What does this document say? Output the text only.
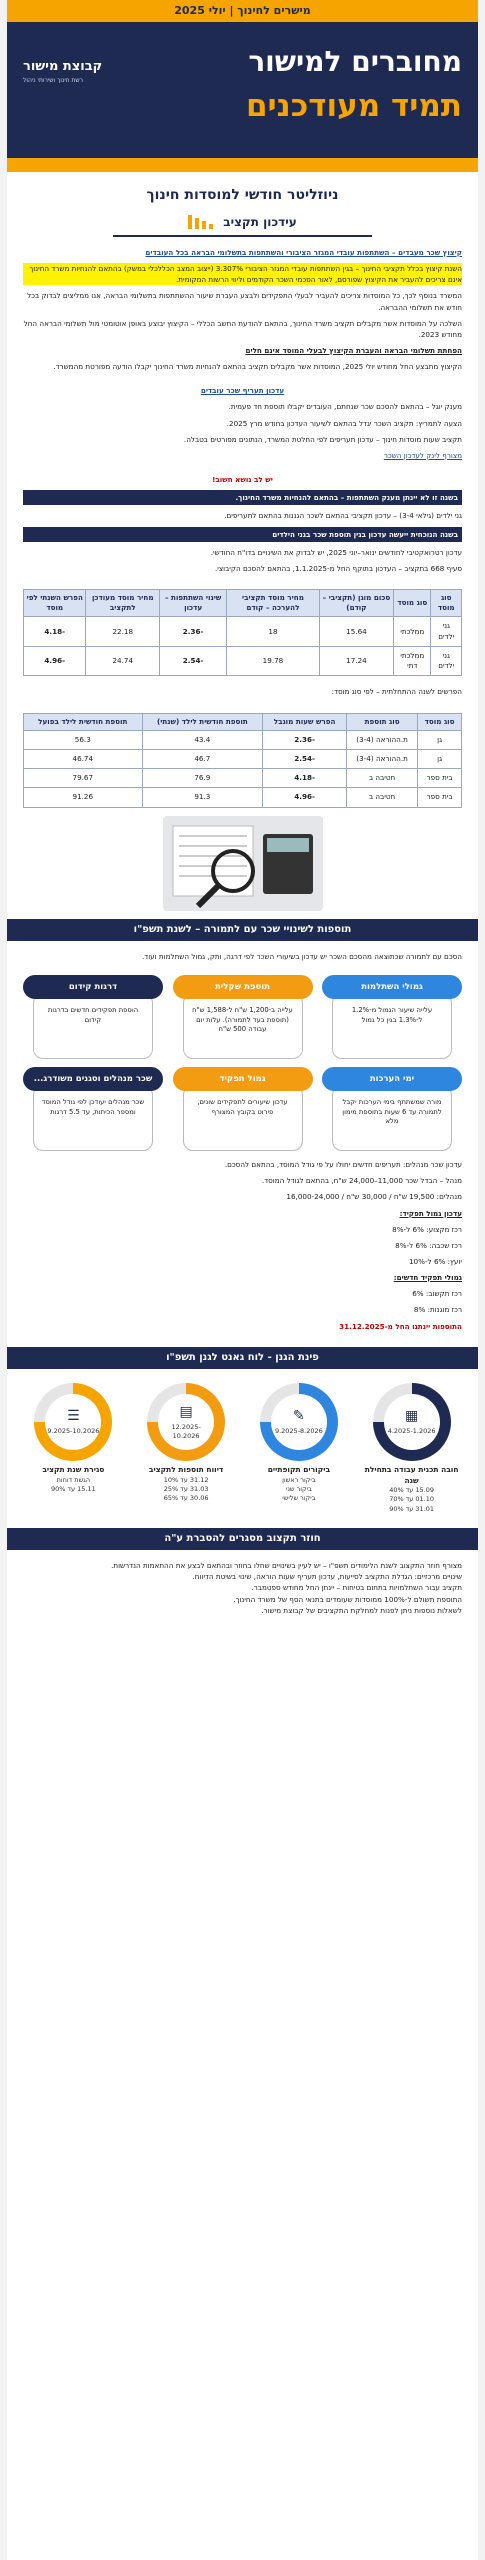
מישרים לחינוך | יולי 2025
קבוצת מישור
רשת חינוך ושירותי ניהול
מחוברים למישור
תמיד מעודכנים
ניוזליטר חודשי למוסדות חינוך
עידכון תקציב

קיצוץ שכר מעבדים – השתתפות עובדי המגזר הציבורי והשתתפות בתשלומי הבראה בכל העובדים

השנת קיצוץ בכלל תקציבי החינוך – בגין השתתפות עובדי המגזר הציבורי 3.307% (ייצוב המצב הכללכלי במשק) בהתאם להנחיות משרד החינוך אינם צריכים להעביר את הקיצוץ שפורסם, לאור הסכמי השכר הקודמים וליווי הרשות המקומית.

המשרד בנוסף לכך, כל המוסדות צריכים להעביר לבעלי התפקידים ולבצע העברת שיעור ההשתתפות בתשלומי הבראה, אנו ממליצים לבדוק בכל חודש את תשלומי ההבראה.

השלכה על המוסדות אשר מקבלים תקציב משרד החינוך, בהתאם להודעת החשב הכללי – הקיצוץ יבוצע באופן אוטומטי מול תשלומי הבראה החל מחודש 2023.

הפחתת תשלומי הבראה והעברת הקיצוץ לבעלי המוסד אינם חלים

הקיצוץ מתבצע החל מחודש יולי 2025, המוסדות אשר מקבלים תקציב בהתאם להנחיות משרד החינוך יקבלו הודעה מפורטת מהמשרד.

עדכון תעריף שכר עובדים

מענק יוגל – בהתאם להסכם שכר שנחתם, העובדים יקבלו תוספת חד פעמית.

הצעה לתמריץ: תקציב השכר יגדל בהתאם לשיעור העדכון בחודש מרץ 2025.

תקציב שעות מוסדות חינוך – עדכון תעריפים לפי החלטת המשרד, הנתונים מפורטים בטבלה.

מצורף לינק לעדכון השכר

יש לב נושא חשוב!

בשנה זו לא יינתן מענק השתתפות – בהתאם להנחיות משרד החינוך.

גני ילדים (גילאי 3-4) – עדכון תקציבי בהתאם לשכר הגננות בהתאם לתעריפים.

בשנה הנוכחית ייעשה עדכון בגין תוספת שכר בגני הילדים

עדכון רטרואקטיבי לחודשים ינואר–יוני 2025, יש לבדוק את השינויים בדו"ח החודשי.

סעיף 668 בתקציב – העדכון בתוקף החל מ-1.1.2025, בהתאם להסכם הקיבוצי.

סוג מוסד	סוג מוסד	סכום מוגן (תקציבי – קודם)	מחיר מוסד תקציבי להערכה – קודם	שינוי השתתפות – עדכון	מחיר מוסד מעודכן לתקציב	הפרש השנתי לפי מוסד
גני ילדים	ממלכתי	15.64	18	-2.36	22.18	-4.18
גני ילדים	ממלכתי דתי	17.24	19.78	-2.54	24.74	-4.96

הפרשים לשנה ההתחלתית – לפי סוג מוסד:

סוג מוסד	סוג תוספת	הפרש שעות מוגבל	תוספת חודשית לילד (שנתי)	תוספת חודשית לילד בפועל
גן	ת.ההוראה (3-4)	-2.36	43.4	56.3
גן	ת.ההוראה (3-4)	-2.54	46.7	46.74
בית ספר	חטיבה ב	-4.18	76.9	79.67
בית ספר	חטיבה ב	-4.96	91.3	91.26
תוספות לשינויי שכר עם לתמורה – לשנת תשפ"ו

הסכם עם לתמורה שכתוצאה מהסכם השכר יש עדכון בשיעורי השכר לפי דרגה, ותק, גמול השתלמות ועוד.

גמולי השתלמות
עלייה שיעור הגמול מ-1.2% ל-1.3% בגין כל גמול
תוספת שקלית
עלייה ב-1,200 ש"ח ל-1,588 ש"ח (תוספת בעד לתמורה). עלות יום עבודה 500 ש"ח
דרגות קידום
הוספת תפקידים חדשים בדרגות קידום
ימי הערכות
מורה שמשתתף בימי הערכות יקבל לתמורה עד 6 שעות בתוספת מימון מלא
גמול תפקיד
עדכון שיעורים לתפקידים שונים, פירוט בקובץ המצורף
שכר מנהלים וסגנים משודרג...
שכר מנהלים יעודכן לפי גודל המוסד ומספר הכיתות, עד 5.5 דרגות

עדכון שכר מנהלים: תעריפים חדשים יחולו על פי גודל המוסד, בהתאם להסכם.

מנהל – הבדל שכר 11,000–24,000 ש"ח, בהתאם לגודל המוסד.

מנהלים: 19,500 ש"ח / 30,000 ש"ח / 16,000-24,000

עדכון גמול תפקיד:

רכז מקצוע: 6% ל-8%

רכז שכבה: 6% ל-8%

יועץ: 6% ל-10%

גמולי תפקיד חדשים:

רכז תקשוב: 6%

רכז מוגנות: 8%

התוספות יינתנו החל מ-31.12.2025

פינת הגנן - לוח גאנט לגנן תשפ"ו
▦
4.2025-1.2026
חובה תכנית עבודה בתחילת שנה
15.09 עד 40%
01.10 עד 70%
31.01 עד 90%
✎
9.2025-8.2026
ביקורים תקופתיים
ביקור ראשון
ביקור שני
ביקור שלישי
▤
12.2025-10.2026
דיווח תוספות לתקציב
31.12 עד 10%
31.03 עד 25%
30.06 עד 65%
☰
9.2025-10.2026
סגירת שנת תקציב
הגשת דוחות
15.11 עד 90%
חוזר תקצוב מסגרים להסברת ע"ה

מצורף חוזר התקצוב לשנת הלימודים תשפ"ו – יש לעיין בשינויים שחלו בחוזר ובהתאם לבצע את ההתאמות הנדרשות.

שינויים מרכזיים: הגדלת התקציב לסייעות, עדכון תעריף שעות הוראה, שינוי בשיטת הדיווח.

תקציב עבור השתלמויות בתחום בטיחות – יינתן החל מחודש ספטמבר.

התוספת תשולם ל-100% ממוסדות שעומדים בתנאי הסף של משרד החינוך.

לשאלות נוספות ניתן לפנות למחלקת התקציבים של קבוצת מישור.
